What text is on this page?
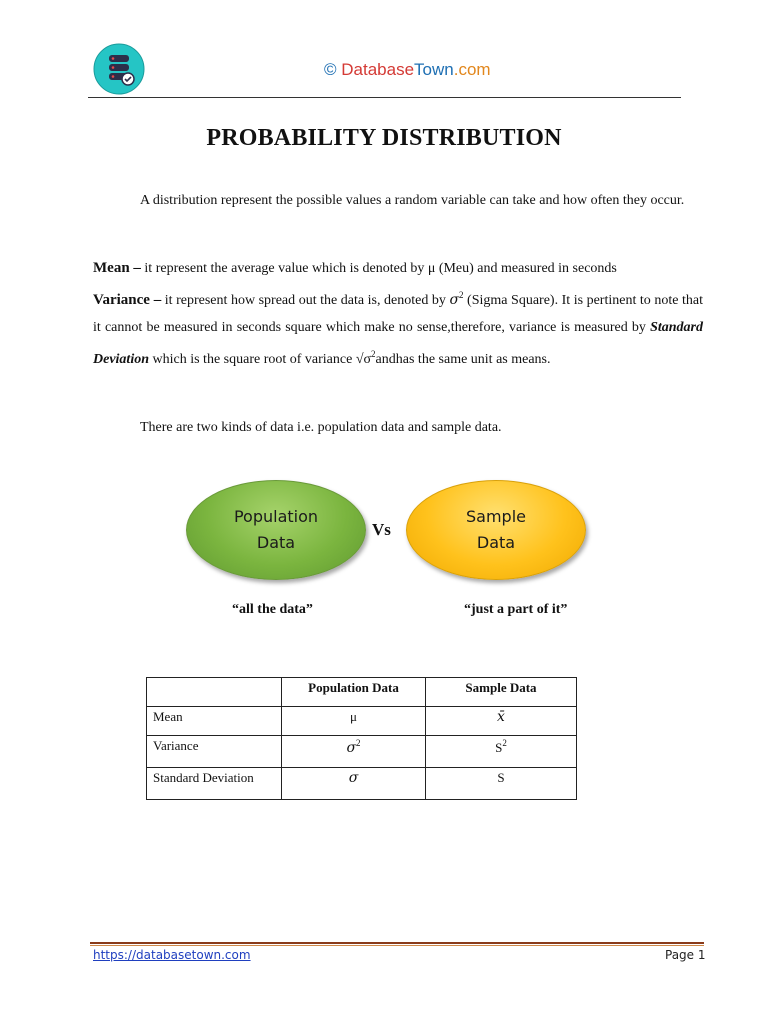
© DatabaseTown.com
PROBABILITY DISTRIBUTION
A distribution represent the possible values a random variable can take and how often they occur.
Mean – it represent the average value which is denoted by μ (Meu) and measured in seconds
Variance – it represent how spread out the data is, denoted by $\sigma^2$ (Sigma Square). It is pertinent to note that it cannot be measured in seconds square which make no sense,therefore, variance is measured by Standard Deviation which is the square root of variance $√\sigma^2andhas$ the same unit as means.
There are two kinds of data i.e. population data and sample data.
Population
Data
Vs
Sample
Data
“all the data”	“just a part of it”
	Population Data	Sample Data
Mean	μ	x̄
Variance	$\sigma^2$	$S^2$
Standard Deviation	σ	S
https://databasetown.com	Page 1
